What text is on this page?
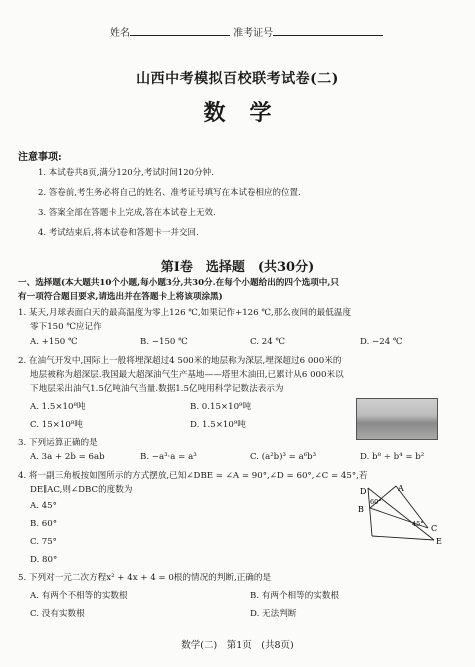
姓名	准考证号
山西中考模拟百校联考试卷(二)
数学
注意事项:
1. 本试卷共8页,满分120分,考试时间120分钟.
2. 答卷前,考生务必将自己的姓名、准考证号填写在本试卷相应的位置.
3. 答案全部在答题卡上完成,答在本试卷上无效.
4. 考试结束后,将本试卷和答题卡一并交回.
第Ⅰ卷　选择题　(共30分)
一、选择题(本大题共10个小题,每小题3分,共30分.在每个小题给出的四个选项中,只
有一项符合题目要求,请选出并在答题卡上将该项涂黑)
1. 某天,月球表面白天的最高温度为零上126 ℃,如果记作+126 ℃,那么夜间的最低温度
零下150 ℃应记作
A. +150 ℃	B. −150 ℃	C. 24 ℃	D. −24 ℃
2. 在油气开发中,国际上一般将埋深超过4 500米的地层称为深层,埋深超过6 000米的
地层被称为超深层.我国最大超深油气生产基地——塔里木油田,已累计从6 000米以
下地层采出油气1.5亿吨油气当量.数据1.5亿吨用科学记数法表示为
A. 1.5×10⁸吨	B. 0.15×10⁹吨
C. 15×10⁸吨	D. 1.5×10⁹吨
3. 下列运算正确的是
A. 3a + 2b = 6ab	B. −a³·a = a³	C. (a²b)³ = a⁶b³	D. b⁸ ÷ b⁴ = b²
4. 将一副三角板按如图所示的方式摆放,已知∠DBE = ∠A = 90°,∠D = 60°,∠C = 45°,若
DE∥AC,则∠DBC的度数为
A. 45°
B. 60°
C. 75°
D. 80°
D	A
B
C
E
60°
45°
5. 下列对一元二次方程x² + 4x + 4 = 0根的情况的判断,正确的是
A. 有两个不相等的实数根	B. 有两个相等的实数根
C. 没有实数根	D. 无法判断
数学(二)　第1页　(共8页)
